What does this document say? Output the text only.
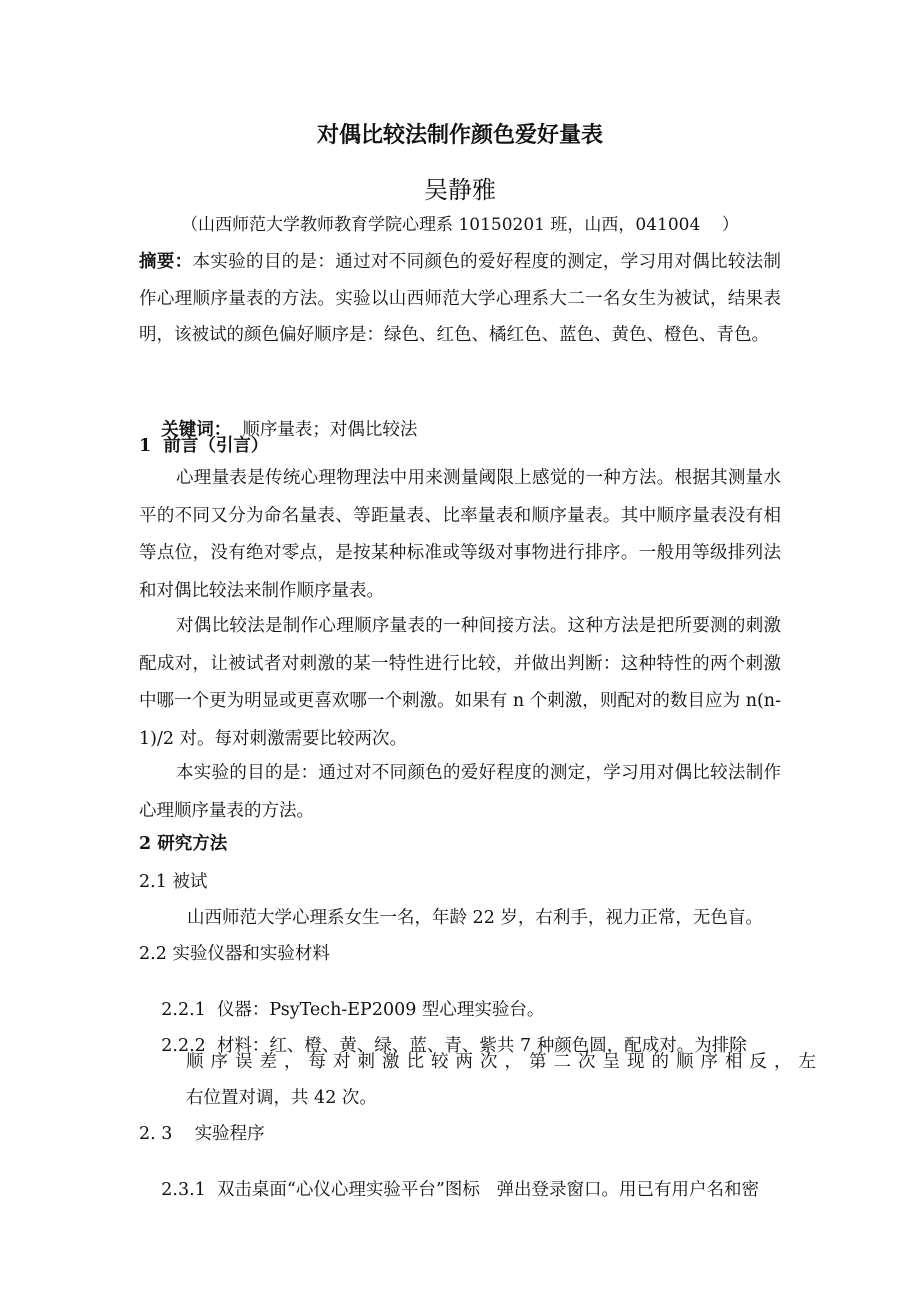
对偶比较法制作颜色爱好量表
吴静雅
（山西师范大学教师教育学院心理系 10150201 班，山西，041004    ）
摘要：本实验的目的是：通过对不同颜色的爱好程度的测定，学习用对偶比较法制作心理顺序量表的方法。实验以山西师范大学心理系大二一名女生为被试，结果表明，该被试的颜色偏好顺序是：绿色、红色、橘红色、蓝色、黄色、橙色、青色。

关键词：  顺序量表；对偶比较法

1  前言（引言）
心理量表是传统心理物理法中用来测量阈限上感觉的一种方法。根据其测量水平的不同又分为命名量表、等距量表、比率量表和顺序量表。其中顺序量表没有相等点位，没有绝对零点，是按某种标准或等级对事物进行排序。一般用等级排列法和对偶比较法来制作顺序量表。
对偶比较法是制作心理顺序量表的一种间接方法。这种方法是把所要测的刺激配成对，让被试者对刺激的某一特性进行比较，并做出判断：这种特性的两个刺激中哪一个更为明显或更喜欢哪一个刺激。如果有 n 个刺激，则配对的数目应为 n(n-1)/2 对。每对刺激需要比较两次。
本实验的目的是：通过对不同颜色的爱好程度的测定，学习用对偶比较法制作心理顺序量表的方法。
2 研究方法
2.1 被试
山西师范大学心理系女生一名，年龄 22 岁，右利手，视力正常，无色盲。
2.2 实验仪器和实验材料

2.2.1 仪器：PsyTech-EP2009 型心理实验台。

2.2.2 材料：红、橙、黄、绿、蓝、青、紫共 7 种颜色圆，配成对。为排除

顺序误差，每对刺激比较两次，第二次呈现的顺序相反，左
右位置对调，共 42 次。
2. 3    实验程序

2.3.1 双击桌面“心仪心理实验平台”图标   弹出登录窗口。用已有用户名和密
